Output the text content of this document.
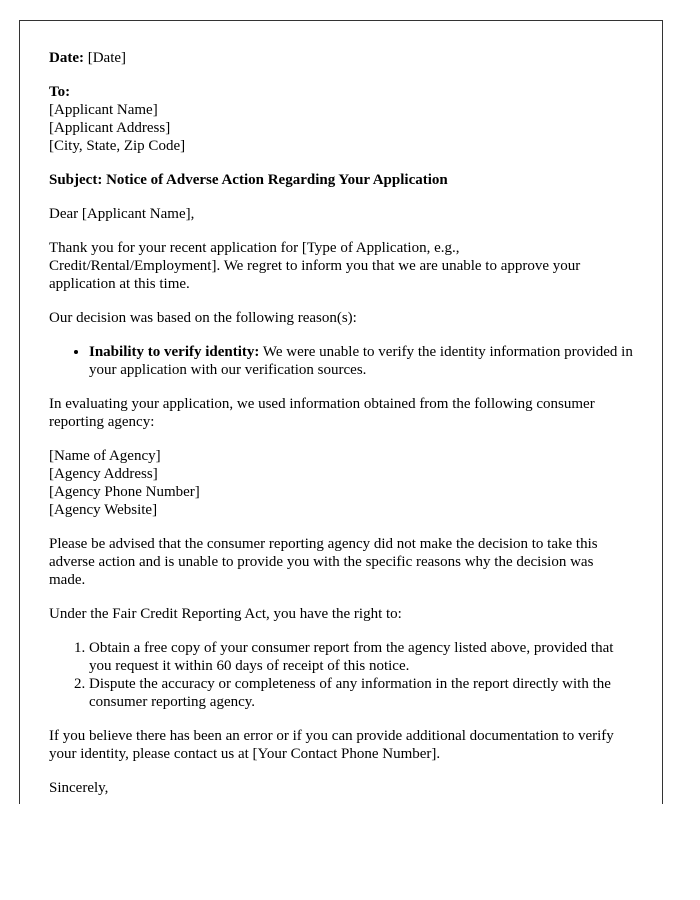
Date: [Date]

To:
[Applicant Name]
[Applicant Address]
[City, State, Zip Code]

Subject: Notice of Adverse Action Regarding Your Application

Dear [Applicant Name],

Thank you for your recent application for [Type of Application, e.g., Credit/Rental/Employment]. We regret to inform you that we are unable to approve your application at this time.

Our decision was based on the following reason(s):

• Inability to verify identity: We were unable to verify the identity information provided in your application with our verification sources.

In evaluating your application, we used information obtained from the following consumer reporting agency:

[Name of Agency]
[Agency Address]
[Agency Phone Number]
[Agency Website]

Please be advised that the consumer reporting agency did not make the decision to take this adverse action and is unable to provide you with the specific reasons why the decision was made.

Under the Fair Credit Reporting Act, you have the right to:

1. Obtain a free copy of your consumer report from the agency listed above, provided that you request it within 60 days of receipt of this notice.
2. Dispute the accuracy or completeness of any information in the report directly with the consumer reporting agency.

If you believe there has been an error or if you can provide additional documentation to verify your identity, please contact us at [Your Contact Phone Number].

Sincerely,
